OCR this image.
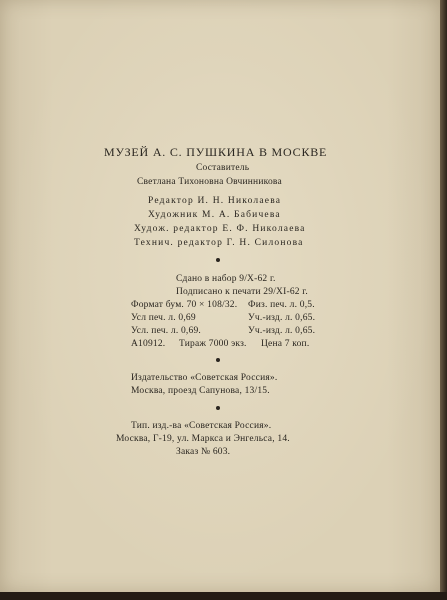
МУЗЕЙ А. С. ПУШКИНА В МОСКВЕ
Составитель
Светлана Тихоновна Овчинникова
Редактор И. Н. Николаева
Художник М. А. Бабичева
Худож. редактор Е. Ф. Николаева
Технич. редактор Г. Н. Силонова
Сдано в набор 9/X-62 г.
Подписано к печати 29/XI-62 г.
Формат бум. 70 × 108/32. Физ. печ. л. 0,5.
Усл печ. л. 0,69	Уч.-изд. л. 0,65.
Усл. печ. л. 0,69.	Уч.-изд. л. 0,65.
А10912. Тираж 7000 экз. Цена 7 коп.
Издательство «Советская Россия».
Москва, проезд Сапунова, 13/15.
Тип. изд.-ва «Советская Россия».
Москва, Г-19, ул. Маркса и Энгельса, 14.
Заказ № 603.
